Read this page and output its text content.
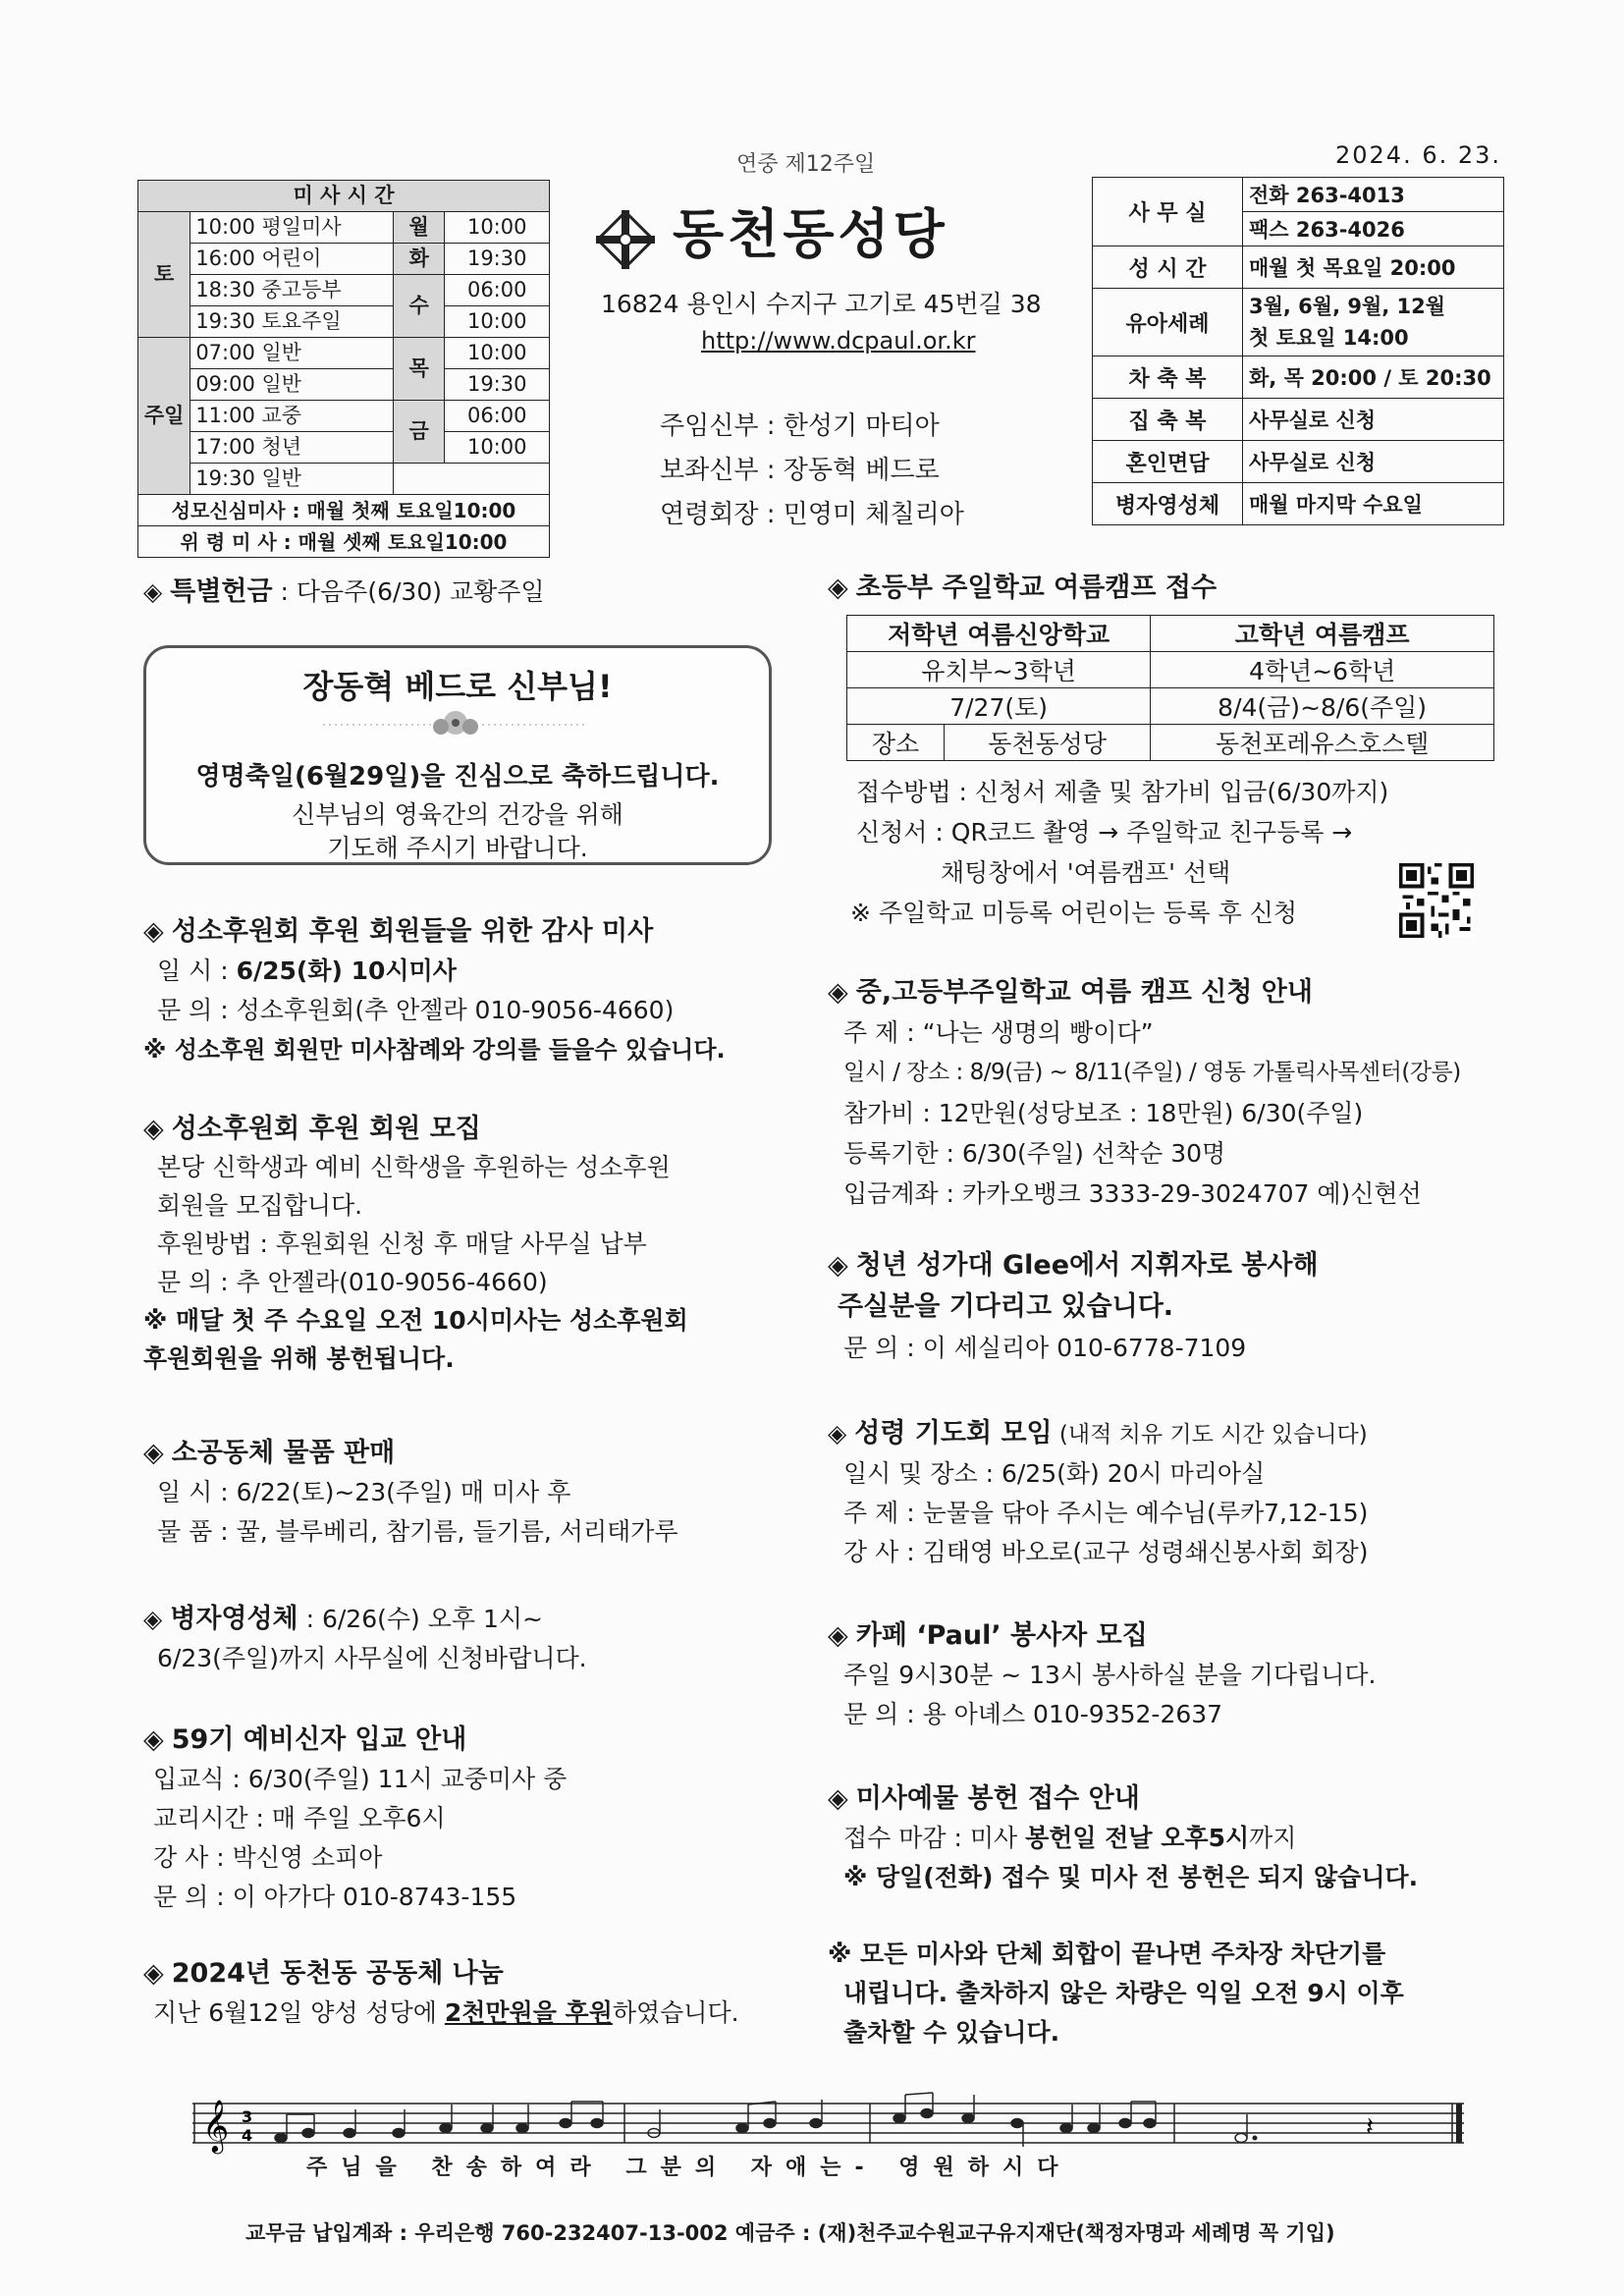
연중 제12주일	2024. 6. 23.
미 사 시 간			
토	10:00 평일미사	월	10:00
	16:00 어린이	화	19:30
	18:30 중고등부	수	06:00
	19:30 토요주일		10:00
주일	07:00 일반	목	10:00
	09:00 일반		19:30
	11:00 교중	금	06:00
	17:00 청년		10:00
	19:30 일반		
성모신심미사 : 매월 첫째 토요일10:00			
위 령 미 사 : 매월 셋째 토요일10:00			
동천동성당
16824 용인시 수지구 고기로 45번길 38
http://www.dcpaul.or.kr
주임신부 : 한성기 마티아
보좌신부 : 장동혁 베드로
연령회장 : 민영미 체칠리아
사 무 실	전화 263-4013
	팩스 263-4026
성 시 간	매월 첫 목요일 20:00
유아세례	3월, 6월, 9월, 12월
첫 토요일 14:00

차 축 복	화, 목 20:00 / 토 20:30
집 축 복	사무실로 신청
혼인면담	사무실로 신청
병자영성체	매월 마지막 수요일
◈ 특별헌금 : 다음주(6/30) 교황주일
장동혁 베드로 신부님!
영명축일(6월29일)을 진심으로 축하드립니다.
신부님의 영육간의 건강을 위해
기도해 주시기 바랍니다.
◈ 성소후원회 후원 회원들을 위한 감사 미사
일 시 : 6/25(화) 10시미사
문 의 : 성소후원회(추 안젤라 010-9056-4660)
※ 성소후원 회원만 미사참례와 강의를 들을수 있습니다.
◈ 성소후원회 후원 회원 모집
본당 신학생과 예비 신학생을 후원하는 성소후원
회원을 모집합니다.
후원방법 : 후원회원 신청 후 매달 사무실 납부
문 의 : 추 안젤라(010-9056-4660)
※ 매달 첫 주 수요일 오전 10시미사는 성소후원회
후원회원을 위해 봉헌됩니다.
◈ 소공동체 물품 판매
일 시 : 6/22(토)~23(주일) 매 미사 후
물 품 : 꿀, 블루베리, 참기름, 들기름, 서리태가루
◈ 병자영성체 : 6/26(수) 오후 1시~
6/23(주일)까지 사무실에 신청바랍니다.
◈ 59기 예비신자 입교 안내
입교식 : 6/30(주일) 11시 교중미사 중
교리시간 : 매 주일 오후6시
강 사 : 박신영 소피아
문 의 : 이 아가다 010-8743-155
◈ 2024년 동천동 공동체 나눔
지난 6월12일 양성 성당에 2천만원을 후원하였습니다.
◈ 초등부 주일학교 여름캠프 접수
저학년 여름신앙학교		고학년 여름캠프
유치부~3학년		4학년~6학년
7/27(토)		8/4(금)~8/6(주일)
장소	동천동성당	동천포레유스호스텔
접수방법 : 신청서 제출 및 참가비 입금(6/30까지)
신청서 : QR코드 촬영 → 주일학교 친구등록 →
채팅창에서 '여름캠프' 선택
※ 주일학교 미등록 어린이는 등록 후 신청
◈ 중,고등부주일학교 여름 캠프 신청 안내
주 제 : “나는 생명의 빵이다”
일시 / 장소 : 8/9(금) ~ 8/11(주일) / 영동 가톨릭사목센터(강릉)
참가비 : 12만원(성당보조 : 18만원) 6/30(주일)
등록기한 : 6/30(주일) 선착순 30명
입금계좌 : 카카오뱅크 3333-29-3024707 예)신현선
◈ 청년 성가대 Glee에서 지휘자로 봉사해
주실분을 기다리고 있습니다.
문 의 : 이 세실리아 010-6778-7109
◈ 성령 기도회 모임 (내적 치유 기도 시간 있습니다)
일시 및 장소 : 6/25(화) 20시 마리아실
주 제 : 눈물을 닦아 주시는 예수님(루카7,12-15)
강 사 : 김태영 바오로(교구 성령쇄신봉사회 회장)
◈ 카페 ‘Paul’ 봉사자 모집
주일 9시30분 ~ 13시 봉사하실 분을 기다립니다.
문 의 : 용 아녜스 010-9352-2637
◈ 미사예물 봉헌 접수 안내
접수 마감 : 미사 봉헌일 전날 오후5시까지
※ 당일(전화) 접수 및 미사 전 봉헌은 되지 않습니다.
※ 모든 미사와 단체 회합이 끝나면 주차장 차단기를
내립니다. 출차하지 않은 차량은 익일 오전 9시 이후
출차할 수 있습니다.
𝄞 3
4	𝄽
주님을 찬송하여라 그분의 자애는- 영원하시다
교무금 납입계좌 : 우리은행 760-232407-13-002 예금주 : (재)천주교수원교구유지재단(책정자명과 세례명 꼭 기입)
